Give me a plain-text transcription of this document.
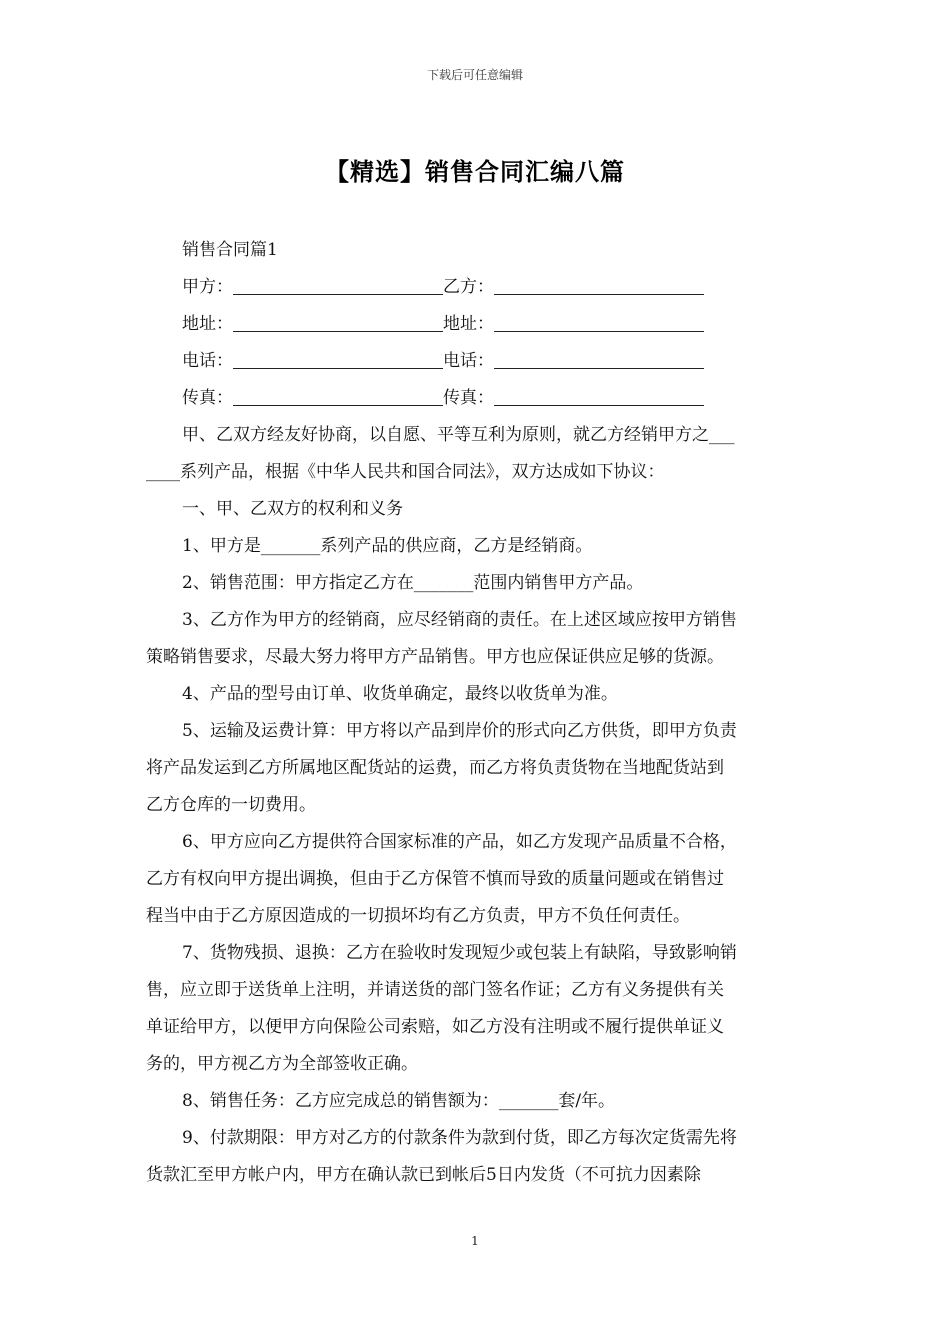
下载后可任意编辑
【精选】销售合同汇编八篇
销售合同篇1
甲方：	乙方：
地址：	地址：
电话：	电话：
传真：	传真：
甲、乙双方经友好协商，以自愿、平等互利为原则，就乙方经销甲方之___
____系列产品，根据《中华人民共和国合同法》，双方达成如下协议：
一、甲、乙双方的权利和义务
1、甲方是_______系列产品的供应商，乙方是经销商。
2、销售范围：甲方指定乙方在_______范围内销售甲方产品。
3、乙方作为甲方的经销商，应尽经销商的责任。在上述区域应按甲方销售
策略销售要求，尽最大努力将甲方产品销售。甲方也应保证供应足够的货源。
4、产品的型号由订单、收货单确定，最终以收货单为准。
5、运输及运费计算：甲方将以产品到岸价的形式向乙方供货，即甲方负责
将产品发运到乙方所属地区配货站的运费，而乙方将负责货物在当地配货站到
乙方仓库的一切费用。
6、甲方应向乙方提供符合国家标准的产品，如乙方发现产品质量不合格，
乙方有权向甲方提出调换，但由于乙方保管不慎而导致的质量问题或在销售过
程当中由于乙方原因造成的一切损坏均有乙方负责，甲方不负任何责任。
7、货物残损、退换：乙方在验收时发现短少或包装上有缺陷，导致影响销
售，应立即于送货单上注明，并请送货的部门签名作证；乙方有义务提供有关
单证给甲方，以便甲方向保险公司索赔，如乙方没有注明或不履行提供单证义
务的，甲方视乙方为全部签收正确。
8、销售任务：乙方应完成总的销售额为：_______套/年。
9、付款期限：甲方对乙方的付款条件为款到付货，即乙方每次定货需先将
货款汇至甲方帐户内，甲方在确认款已到帐后5日内发货（不可抗力因素除
1
